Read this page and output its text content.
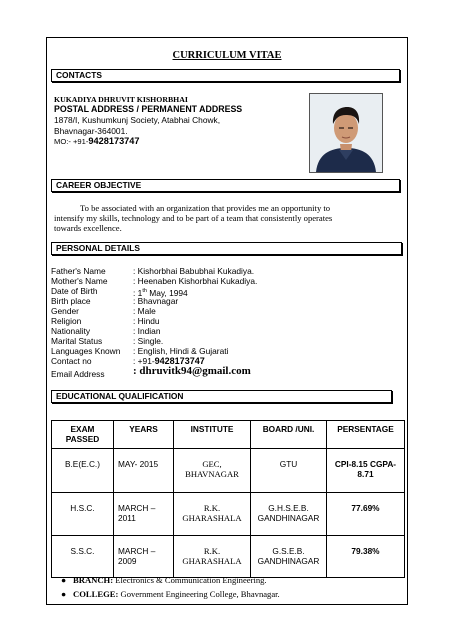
CURRICULUM VITAE
CONTACTS
KUKADIYA DHRUVIT KISHORBHAI
POSTAL ADDRESS / PERMANENT ADDRESS
1878/I, Kushumkunj Society, Atabhai Chowk,
Bhavnagar-364001.
MO:- +91-9428173747
CAREER OBJECTIVE
To be associated with an organization that provides me an opportunity to
intensify my skills, technology and to be part of a team that consistently operates
towards excellence.
PERSONAL DETAILS
Father's Name	: Kishorbhai Babubhai Kukadiya.
Mother's Name	: Heenaben Kishorbhai Kukadiya.
Date of Birth	: 1th May, 1994
Birth place	: Bhavnagar
Gender	: Male
Religion	: Hindu
Nationality	: Indian
Marital Status	: Single.
Languages Known : English, Hindi & Gujarati
Contact no	: +91-9428173747
Email Address	: dhruvitk94@gmail.com
EDUCATIONAL QUALIFICATION
EXAM PASSED	YEARS	INSTITUTE	BOARD /UNI.	PERSENTAGE
B.E(E.C.)	MAY- 2015	GEC, BHAVNAGAR	GTU	CPI-8.15 CGPA-8.71
H.S.C.	MARCH – 2011	R.K. GHARASHALA	G.H.S.E.B. GANDHINAGAR	77.69%
S.S.C.	MARCH – 2009	R.K. GHARASHALA	G.S.E.B. GANDHINAGAR	79.38%
● BRANCH: Electronics & Communication Engineering.
● COLLEGE: Government Engineering College, Bhavnagar.
